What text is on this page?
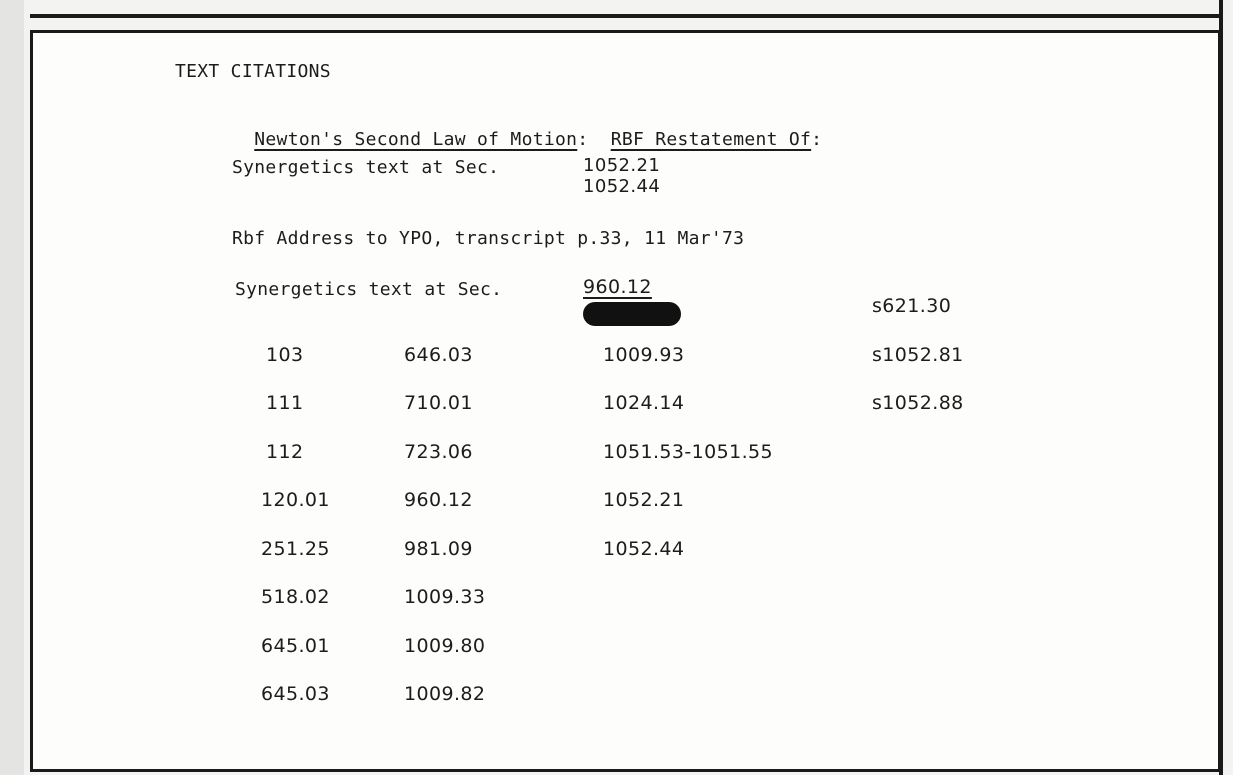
TEXT CITATIONS

Newton's Second Law of Motion: RBF Restatement Of:

Synergetics text at Sec.	1052.21
1052.44
Rbf Address to YPO, transcript p.33, 11 Mar'73
Synergetics text at Sec.	960.12
103
111
112
120.01
251.25
518.02
645.01
645.03
646.03
710.01
723.06
960.12
981.09
1009.33
1009.80
1009.82
1009.93
1024.14
1051.53-1051.55
1052.21
1052.44
s621.30
s1052.81
s1052.88
